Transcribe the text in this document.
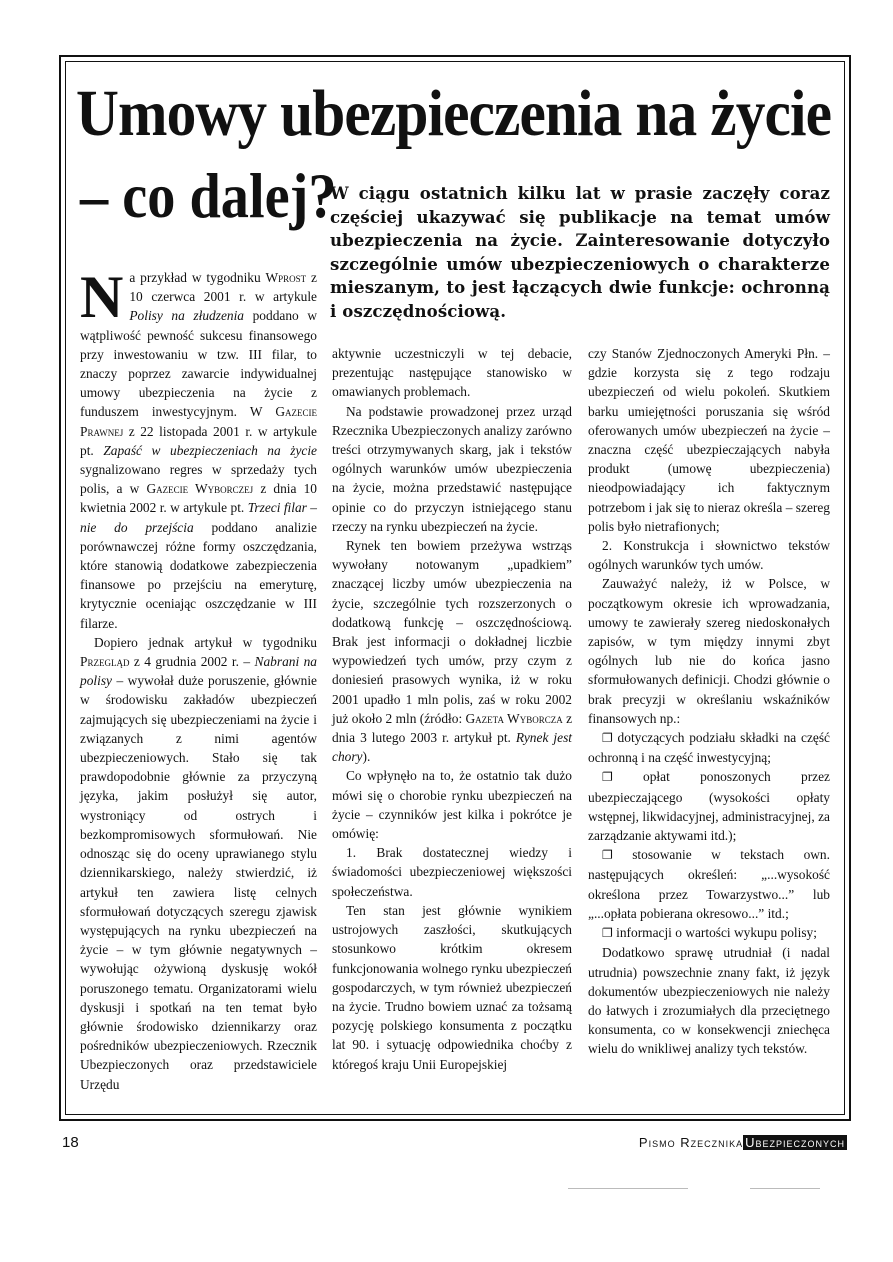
Umowy ubezpieczenia na życie
– co dalej?
W ciągu ostatnich kilku lat w prasie zaczęły coraz częściej ukazywać się publikacje na temat umów ubezpieczenia na życie. Zainteresowanie dotyczyło szczególnie umów ubezpieczeniowych o charakterze mieszanym, to jest łączących dwie funkcje: ochronną i oszczędnościową.

Na przykład w tygodniku Wprost z 10 czerwca 2001 r. w artykule Polisy na złudzenia poddano w wątpliwość pewność sukcesu finansowego przy inwestowaniu w tzw. III filar, to znaczy poprzez zawarcie indywidualnej umowy ubezpieczenia na życie z funduszem inwestycyjnym. W Gazecie Prawnej z 22 listopada 2001 r. w artykule pt. Zapaść w ubezpieczeniach na życie sygnalizowano regres w sprzedaży tych polis, a w Gazecie Wyborczej z dnia 10 kwietnia 2002 r. w artykule pt. Trzeci filar – nie do przejścia poddano analizie porównawczej różne formy oszczędzania, które stanowią dodatkowe zabezpieczenia finansowe po przejściu na emeryturę, krytycznie oceniając oszczędzanie w III filarze.

Dopiero jednak artykuł w tygodniku Przegląd z 4 grudnia 2002 r. – Nabrani na polisy – wywołał duże poruszenie, głównie w środowisku zakładów ubezpieczeń zajmujących się ubezpieczeniami na życie i związanych z nimi agentów ubezpieczeniowych. Stało się tak prawdopodobnie głównie za przyczyną języka, jakim posłużył się autor, wystroniący od ostrych i bezkompromisowych sformułowań. Nie odnosząc się do oceny uprawianego stylu dziennikarskiego, należy stwierdzić, iż artykuł ten zawiera listę celnych sformułowań dotyczących szeregu zjawisk występujących na rynku ubezpieczeń na życie – w tym głównie negatywnych – wywołując ożywioną dyskusję wokół poruszonego tematu. Organizatorami wielu dyskusji i spotkań na ten temat było głównie środowisko dziennikarzy oraz pośredników ubezpieczeniowych. Rzecznik Ubezpieczonych oraz przedstawiciele Urzędu

aktywnie uczestniczyli w tej debacie, prezentując następujące stanowisko w omawianych problemach.

Na podstawie prowadzonej przez urząd Rzecznika Ubezpieczonych analizy zarówno treści otrzymywanych skarg, jak i tekstów ogólnych warunków umów ubezpieczenia na życie, można przedstawić następujące opinie co do przyczyn istniejącego stanu rzeczy na rynku ubezpieczeń na życie.

Rynek ten bowiem przeżywa wstrząs wywołany notowanym „upadkiem” znaczącej liczby umów ubezpieczenia na życie, szczególnie tych rozszerzonych o dodatkową funkcję – oszczędnościową. Brak jest informacji o dokładnej liczbie wypowiedzeń tych umów, przy czym z doniesień prasowych wynika, iż w roku 2001 upadło 1 mln polis, zaś w roku 2002 już około 2 mln (źródło: Gazeta Wyborcza z dnia 3 lutego 2003 r. artykuł pt. Rynek jest chory).

Co wpłynęło na to, że ostatnio tak dużo mówi się o chorobie rynku ubezpieczeń na życie – czynników jest kilka i pokrótce je omówię:

1. Brak dostatecznej wiedzy i świadomości ubezpieczeniowej większości społeczeństwa.

Ten stan jest głównie wynikiem ustrojowych zaszłości, skutkujących stosunkowo krótkim okresem funkcjonowania wolnego rynku ubezpieczeń gospodarczych, w tym również ubezpieczeń na życie. Trudno bowiem uznać za tożsamą pozycję polskiego konsumenta z początku lat 90. i sytuację odpowiednika choćby z któregoś kraju Unii Europejskiej

czy Stanów Zjednoczonych Ameryki Płn. – gdzie korzysta się z tego rodzaju ubezpieczeń od wielu pokoleń. Skutkiem barku umiejętności poruszania się wśród oferowanych umów ubezpieczeń na życie – znaczna część ubezpieczających nabyła produkt (umowę ubezpieczenia) nieodpowiadający ich faktycznym potrzebom i jak się to nieraz określa – szereg polis było nietrafionych;

2. Konstrukcja i słownictwo tekstów ogólnych warunków tych umów.

Zauważyć należy, iż w Polsce, w początkowym okresie ich wprowadzania, umowy te zawierały szereg niedoskonałych zapisów, w tym między innymi zbyt ogólnych lub nie do końca jasno sformułowanych definicji. Chodzi głównie o brak precyzji w określaniu wskaźników finansowych np.:

❐ dotyczących podziału składki na część ochronną i na część inwestycyjną;

❐ opłat ponoszonych przez ubezpieczającego (wysokości opłaty wstępnej, likwidacyjnej, administracyjnej, za zarządzanie aktywami itd.);

❐ stosowanie w tekstach own. następujących określeń: „...wysokość określona przez Towarzystwo...” lub „...opłata pobierana okresowo...” itd.;

❐ informacji o wartości wykupu polisy;

Dodatkowo sprawę utrudniał (i nadal utrudnia) powszechnie znany fakt, iż język dokumentów ubezpieczeniowych nie należy do łatwych i zrozumiałych dla przeciętnego konsumenta, co w konsekwencji zniechęca wielu do wnikliwej analizy tych tekstów.

18	Pismo Rzecznika Ubezpieczonych
